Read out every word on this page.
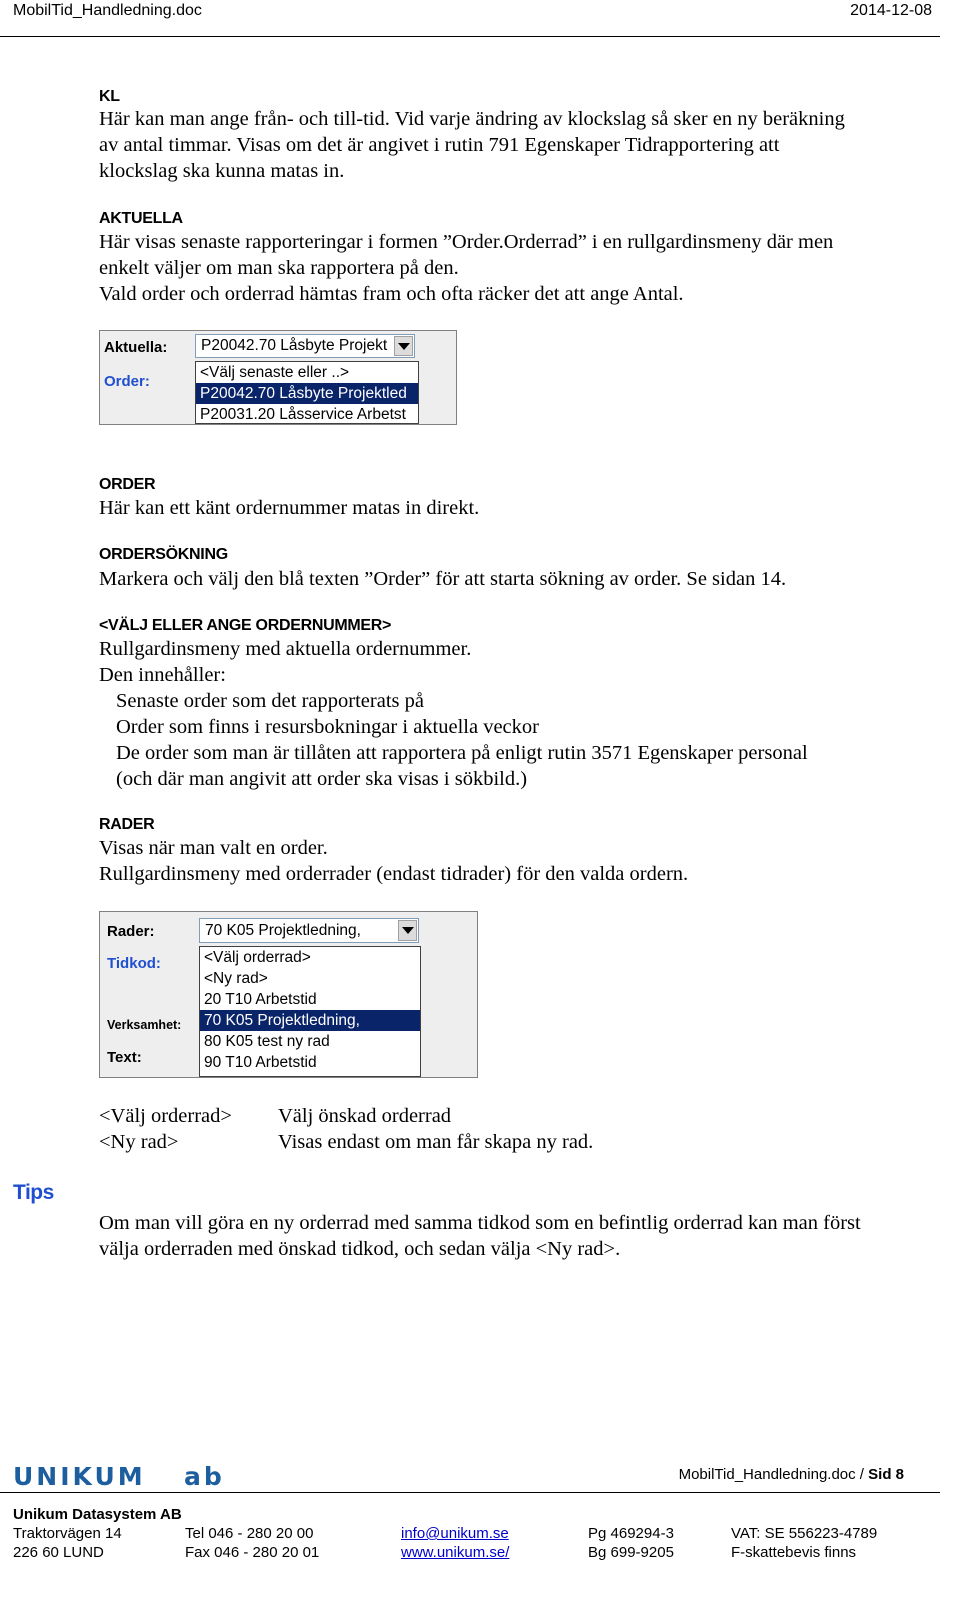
MobilTid_Handledning.doc	2014-12-08
KL
Här kan man ange från- och till-tid. Vid varje ändring av klockslag så sker en ny beräkning
av antal timmar. Visas om det är angivet i rutin 791 Egenskaper Tidrapportering att
klockslag ska kunna matas in.
AKTUELLA
Här visas senaste rapporteringar i formen ”Order.Orderrad” i en rullgardinsmeny där men
enkelt väljer om man ska rapportera på den.
Vald order och orderrad hämtas fram och ofta räcker det att ange Antal.
Aktuella:
Order:
P20042.70 Låsbyte Projekt
<Välj senaste eller ..>
P20042.70 Låsbyte Projektled
P20031.20 Låsservice Arbetst
ORDER
Här kan ett känt ordernummer matas in direkt.
ORDERSÖKNING
Markera och välj den blå texten ”Order” för att starta sökning av order. Se sidan 14.
<VÄLJ ELLER ANGE ORDERNUMMER>
Rullgardinsmeny med aktuella ordernummer.
Den innehåller:
Senaste order som det rapporterats på
Order som finns i resursbokningar i aktuella veckor
De order som man är tillåten att rapportera på enligt rutin 3571 Egenskaper personal
(och där man angivit att order ska visas i sökbild.)
RADER
Visas när man valt en order.
Rullgardinsmeny med orderrader (endast tidrader) för den valda ordern.
Rader:
Tidkod:
Verksamhet:
Text:
70 K05 Projektledning,
<Välj orderrad>
<Ny rad>
20 T10 Arbetstid
70 K05 Projektledning,
80 K05 test ny rad
90 T10 Arbetstid
<Välj orderrad>
<Ny rad>
Välj önskad orderrad
Visas endast om man får skapa ny rad.
Tips
Om man vill göra en ny orderrad med samma tidkod som en befintlig orderrad kan man först
välja orderraden med önskad tidkod, och sedan välja <Ny rad>.
UNIKUM ab	MobilTid_Handledning.doc / Sid 8
Unikum Datasystem AB
Traktorvägen 14
226 60 LUND
Tel 046 - 280 20 00
Fax 046 - 280 20 01
info@unikum.se
www.unikum.se/
Pg 469294-3
Bg 699-9205
VAT: SE 556223-4789
F-skattebevis finns
